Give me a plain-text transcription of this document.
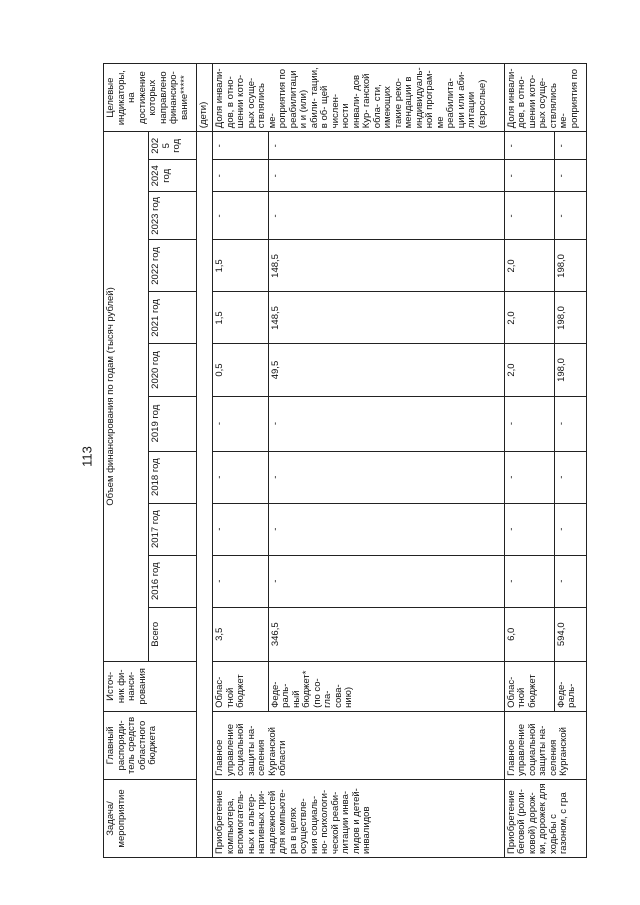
113
Задача/ мероприятие	Главный распоряди- тель средств областного бюджета	Источ- ник фи- нанси- рования	Объем финансирования по годам (тысяч рублей)											Целевые индикаторы, на достижение которых направлено финансиро- вание*****
			Всего	2016 год	2017 год	2018 год	2019 год	2020 год	2021 год	2022 год	2023 год	2024 год	202 5 год	
														(дети)
Приобретение компьютера, вспомогатель- ных и альтер- нативных при- надлежностей для компьюте- ра в целях осуществле- ния социаль- но- психологи- ческой реаби- литации инва- лидов и детей- инвалидов	Главное управление социальной защиты на- селения Курганской области	Облас- тной бюджет	3,5	-	-	-	-	0,5	1,5	1,5	-	-	-	Доля инвали- дов, в отно- шении кото- рых осуще- ствлялись ме- роприятия по реабилитации и (или) абили- тации, в об- щей числен- ности инвали- дов Кур- ганской обла- сти, имеющих такие реко- мендации в индивидуаль- ной програм- ме реабилита- ции или аби- литации (взрослые)
		Феде- раль- ный бюджет* (по со- гла- сова- нию)	346,5	-	-	-	-	49,5	148,5	148,5	-	-	-	
Приобретение беговой (роли- ковой) дорож- ки, дорожек для ходьбы с газоном, с гра	Главное управление социальной защиты на- селения Курганской	Облас- тной бюджет	6,0	-	-	-	-	2,0	2,0	2,0	-	-	-	Доля инвали- дов, в отно- шении кото- рых осуще- ствлялись ме- роприятия по
		Феде- раль-	594,0	-	-	-	-	198,0	198,0	198,0	-	-	-	
